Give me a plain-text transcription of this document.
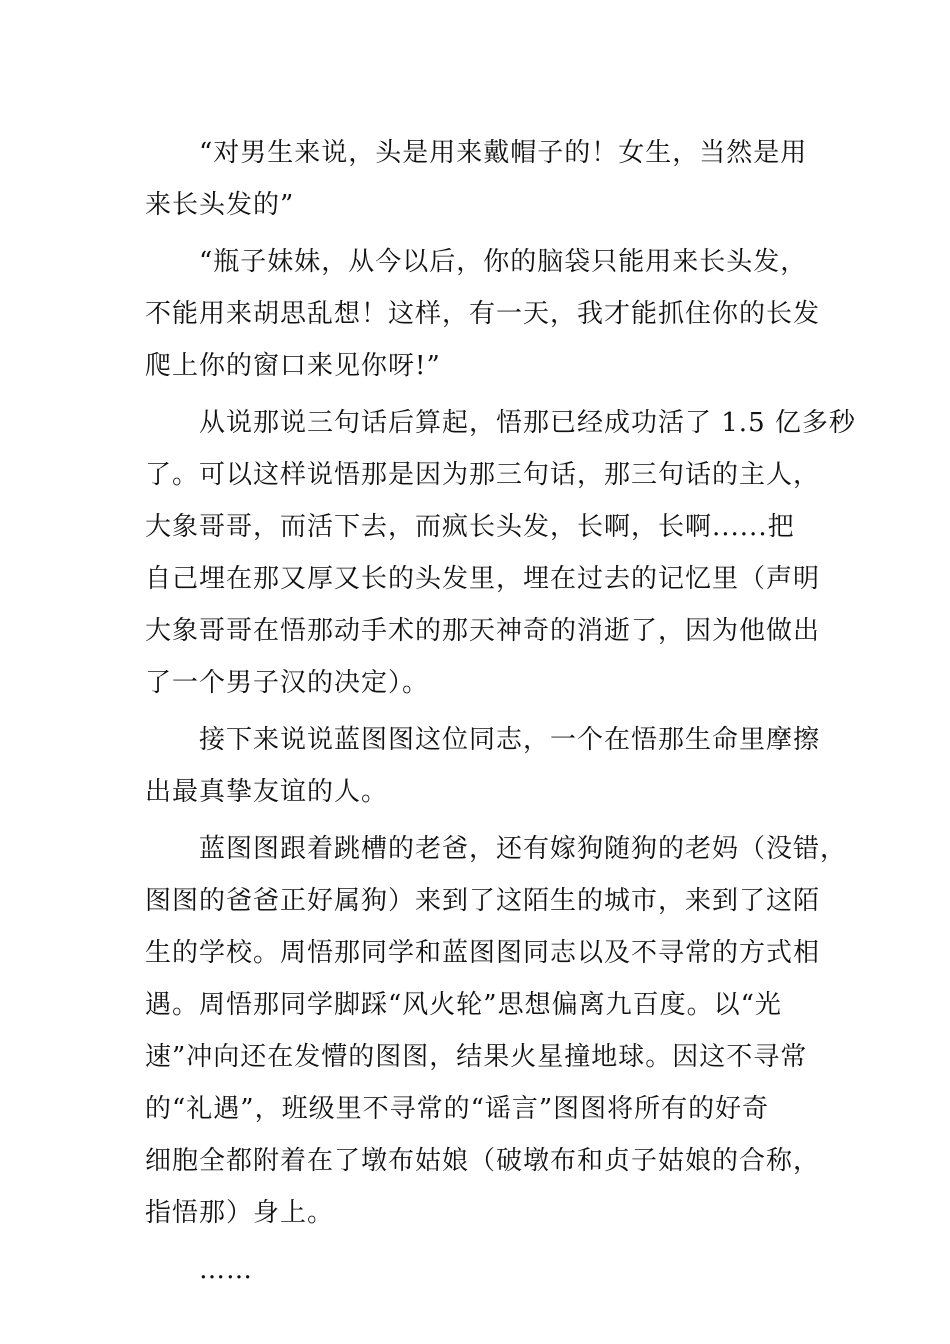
　　“对男生来说，头是用来戴帽子的！女生，当然是用
来长头发的”
　　“瓶子妹妹，从今以后，你的脑袋只能用来长头发，
不能用来胡思乱想！这样，有一天，我才能抓住你的长发
爬上你的窗口来见你呀!”
　　从说那说三句话后算起，悟那已经成功活了 1.5 亿多秒
了。可以这样说悟那是因为那三句话，那三句话的主人，
大象哥哥，而活下去，而疯长头发，长啊，长啊......把
自己埋在那又厚又长的头发里，埋在过去的记忆里（声明
大象哥哥在悟那动手术的那天神奇的消逝了，因为他做出
了一个男子汉的决定）。
　　接下来说说蓝图图这位同志，一个在悟那生命里摩擦
出最真挚友谊的人。
　　蓝图图跟着跳槽的老爸，还有嫁狗随狗的老妈（没错，
图图的爸爸正好属狗）来到了这陌生的城市，来到了这陌
生的学校。周悟那同学和蓝图图同志以及不寻常的方式相
遇。周悟那同学脚踩“风火轮”思想偏离九百度。以“光
速”冲向还在发懵的图图，结果火星撞地球。因这不寻常
的“礼遇”，班级里不寻常的“谣言”图图将所有的好奇
细胞全都附着在了墩布姑娘（破墩布和贞子姑娘的合称，
指悟那）身上。
　　……
